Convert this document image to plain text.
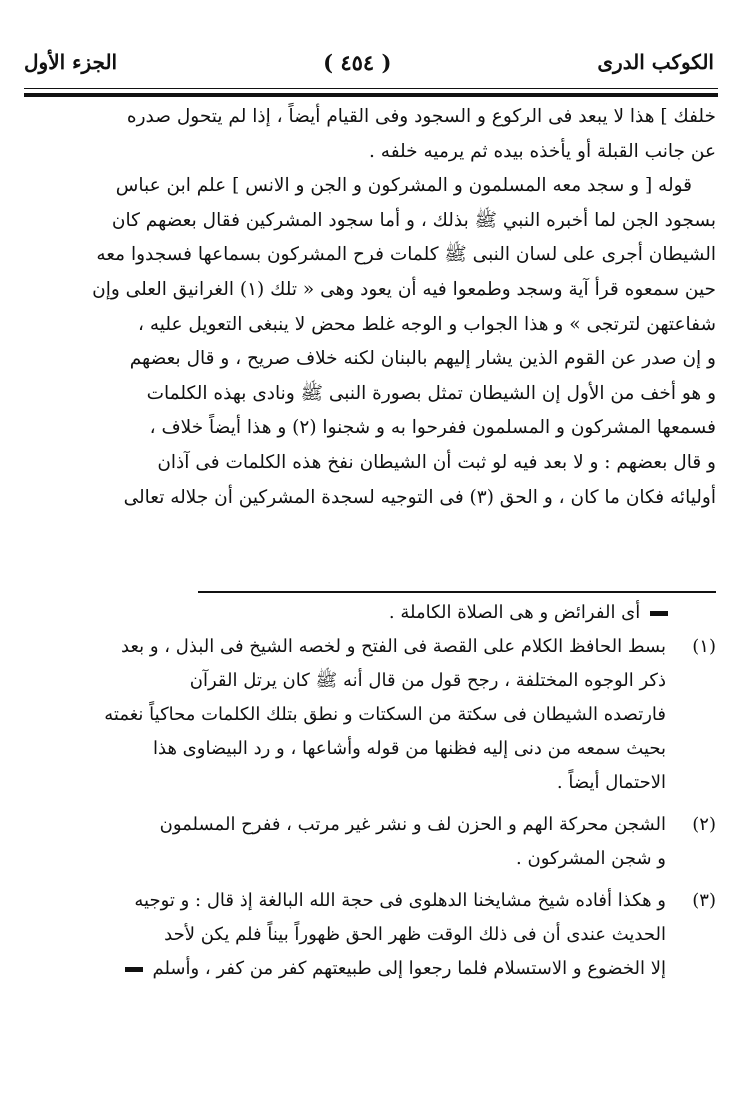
الكوكب الدرى
( ٤٥٤ )
الجزء الأول

خلفك ] هذا لا يبعد فى الركوع و السجود وفى القيام أيضاً ، إذا لم يتحول صدره

عن جانب القبلة أو يأخذه بيده ثم يرميه خلفه .

قوله [ و سجد معه المسلمون و المشركون و الجن و الانس ] علم ابن عباس

بسجود الجن لما أخبره النبي ﷺ بذلك ، و أما سجود المشركين فقال بعضهم كان

الشيطان أجرى على لسان النبى ﷺ كلمات فرح المشركون بسماعها فسجدوا معه

حين سمعوه قرأ آية وسجد وطمعوا فيه أن يعود وهى « تلك (١) الغرانيق العلى وإن

شفاعتهن لترتجى » و هذا الجواب و الوجه غلط محض لا ينبغى التعويل عليه ،

و إن صدر عن القوم الذين يشار إليهم بالبنان لكنه خلاف صريح ، و قال بعضهم

و هو أخف من الأول إن الشيطان تمثل بصورة النبى ﷺ ونادى بهذه الكلمات

فسمعها المشركون و المسلمون ففرحوا به و شجنوا (٢) و هذا أيضاً خلاف ،

و قال بعضهم : و لا بعد فيه لو ثبت أن الشيطان نفخ هذه الكلمات فى آذان

أوليائه فكان ما كان ، و الحق (٣) فى التوجيه لسجدة المشركين أن جلاله تعالى

أى الفرائض و هى الصلاة الكاملة .

(١)

بسط الحافظ الكلام على القصة فى الفتح و لخصه الشيخ فى البذل ، و بعد

ذكر الوجوه المختلفة ، رجح قول من قال أنه ﷺ كان يرتل القرآن

فارتصده الشيطان فى سكتة من السكتات و نطق بتلك الكلمات محاكياً نغمته

بحيث سمعه من دنى إليه فظنها من قوله وأشاعها ، و رد البيضاوى هذا

الاحتمال أيضاً .

(٢)

الشجن محركة الهم و الحزن لف و نشر غير مرتب ، ففرح المسلمون

و شجن المشركون .

(٣)

و هكذا أفاده شيخ مشايخنا الدهلوى فى حجة الله البالغة إذ قال : و توجيه

الحديث عندى أن فى ذلك الوقت ظهر الحق ظهوراً بيناً فلم يكن لأحد

إلا الخضوع و الاستسلام فلما رجعوا إلى طبيعتهم كفر من كفر ، وأسلم
